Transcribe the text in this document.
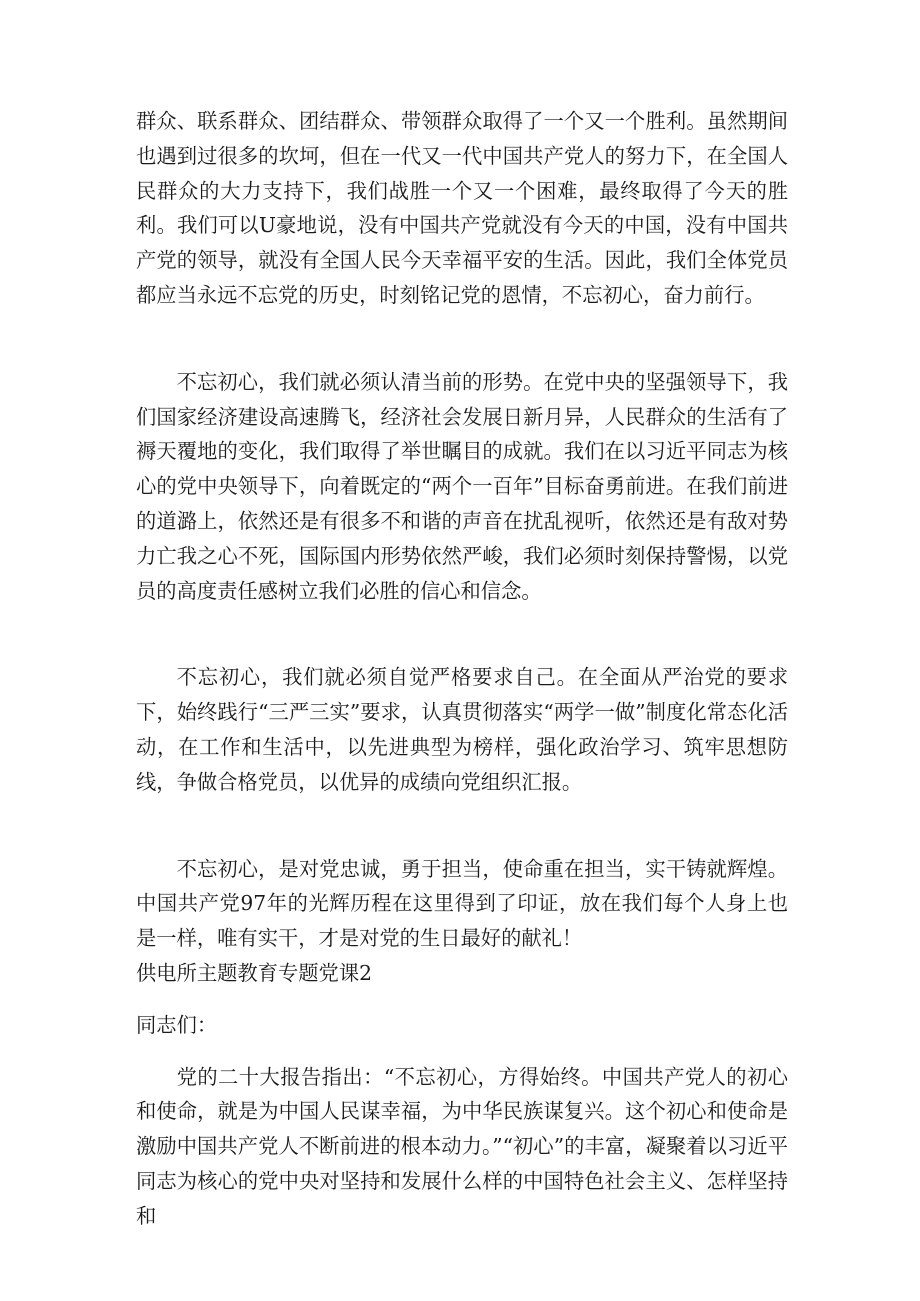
群众、联系群众、团结群众、带领群众取得了一个又一个胜利。虽然期间也遇到过很多的坎坷，但在一代又一代中国共产党人的努力下，在全国人民群众的大力支持下，我们战胜一个又一个困难，最终取得了今天的胜利。我们可以U豪地说，没有中国共产党就没有今天的中国，没有中国共产党的领导，就没有全国人民今天幸福平安的生活。因此，我们全体党员都应当永远不忘党的历史，时刻铭记党的恩情，不忘初心，奋力前行。

不忘初心，我们就必须认清当前的形势。在党中央的坚强领导下，我们国家经济建设高速腾飞，经济社会发展日新月异，人民群众的生活有了褥天覆地的变化，我们取得了举世瞩目的成就。我们在以习近平同志为核心的党中央领导下，向着既定的“两个一百年”目标奋勇前进。在我们前进的道潞上，依然还是有很多不和谐的声音在扰乱视听，依然还是有敌对势力亡我之心不死，国际国内形势依然严峻，我们必须时刻保持警惕，以党员的高度责任感树立我们必胜的信心和信念。

不忘初心，我们就必须自觉严格要求自己。在全面从严治党的要求下，始终践行“三严三实”要求，认真贯彻落实“两学一做”制度化常态化活动，在工作和生活中，以先进典型为榜样，强化政治学习、筑牢思想防线，争做合格党员，以优异的成绩向党组织汇报。

不忘初心，是对党忠诚，勇于担当，使命重在担当，实干铸就辉煌。中国共产党97年的光辉历程在这里得到了印证，放在我们每个人身上也是一样，唯有实干，才是对党的生日最好的献礼！

供电所主题教育专题党课2

同志们：

党的二十大报告指出：“不忘初心，方得始终。中国共产党人的初心和使命，就是为中国人民谋幸福，为中华民族谋复兴。这个初心和使命是激励中国共产党人不断前进的根本动力。”“初心”的丰富，凝聚着以习近平同志为核心的党中央对坚持和发展什么样的中国特色社会主义、怎样坚持和
